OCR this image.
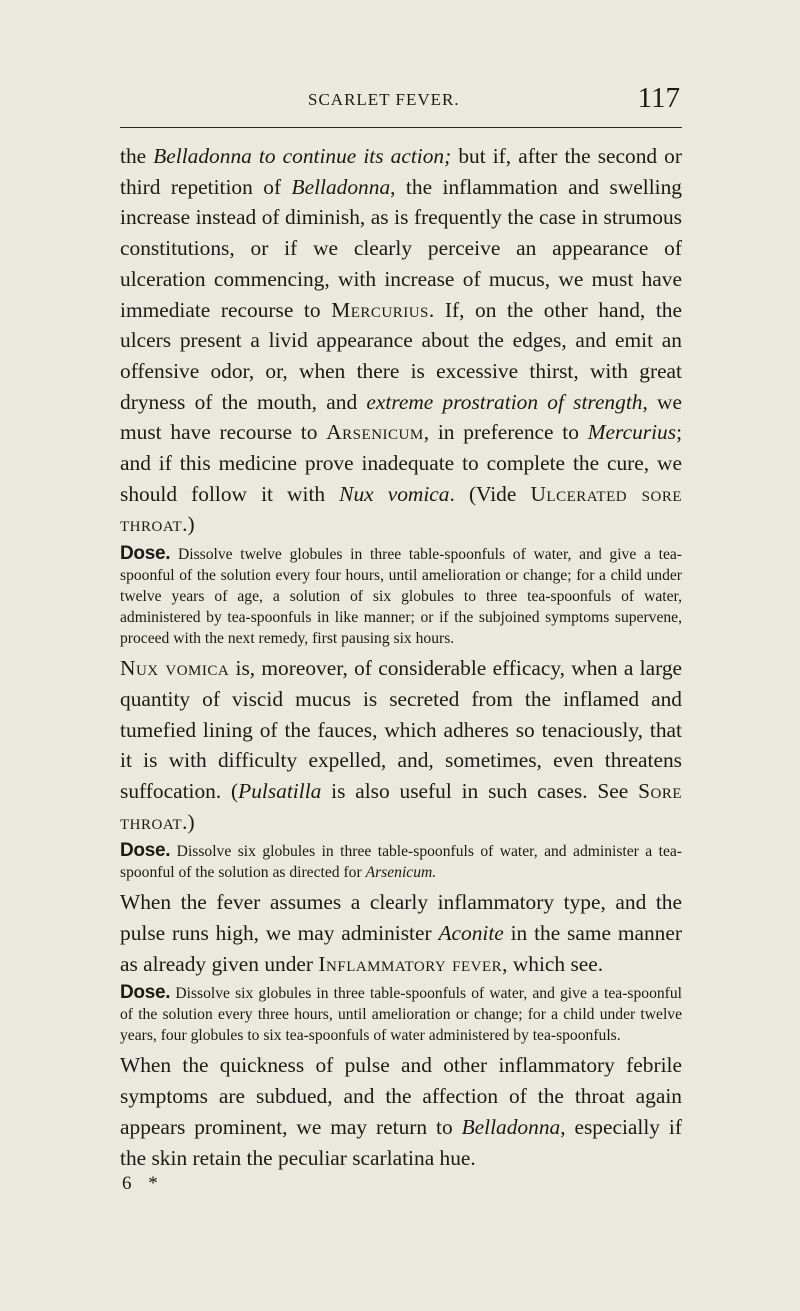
SCARLET FEVER.	117

the Belladonna to continue its action; but if, after the second or third repetition of Belladonna, the inflammation and swelling increase instead of diminish, as is frequently the case in strumous constitutions, or if we clearly perceive an appearance of ulceration commencing, with increase of mucus, we must have immediate recourse to Mercurius. If, on the other hand, the ulcers present a livid appearance about the edges, and emit an offensive odor, or, when there is excessive thirst, with great dryness of the mouth, and extreme prostration of strength, we must have recourse to Arsenicum, in preference to Mercurius; and if this medicine prove inadequate to complete the cure, we should follow it with Nux vomica. (Vide Ulcerated sore throat.)

Dose. Dissolve twelve globules in three table-spoonfuls of water, and give a tea-spoonful of the solution every four hours, until amelioration or change; for a child under twelve years of age, a solution of six globules to three tea-spoonfuls of water, administered by tea-spoonfuls in like manner; or if the subjoined symptoms supervene, proceed with the next remedy, first pausing six hours.

Nux vomica is, moreover, of considerable efficacy, when a large quantity of viscid mucus is secreted from the inflamed and tumefied lining of the fauces, which adheres so tenaciously, that it is with difficulty expelled, and, sometimes, even threatens suffocation. (Pulsatilla is also useful in such cases. See Sore throat.)

Dose. Dissolve six globules in three table-spoonfuls of water, and administer a tea-spoonful of the solution as directed for Arsenicum.

When the fever assumes a clearly inflammatory type, and the pulse runs high, we may administer Aconite in the same manner as already given under Inflammatory fever, which see.

Dose. Dissolve six globules in three table-spoonfuls of water, and give a tea-spoonful of the solution every three hours, until amelioration or change; for a child under twelve years, four globules to six tea-spoonfuls of water administered by tea-spoonfuls.

When the quickness of pulse and other inflammatory febrile symptoms are subdued, and the affection of the throat again appears prominent, we may return to Belladonna, especially if the skin retain the peculiar scarlatina hue.

6 *
